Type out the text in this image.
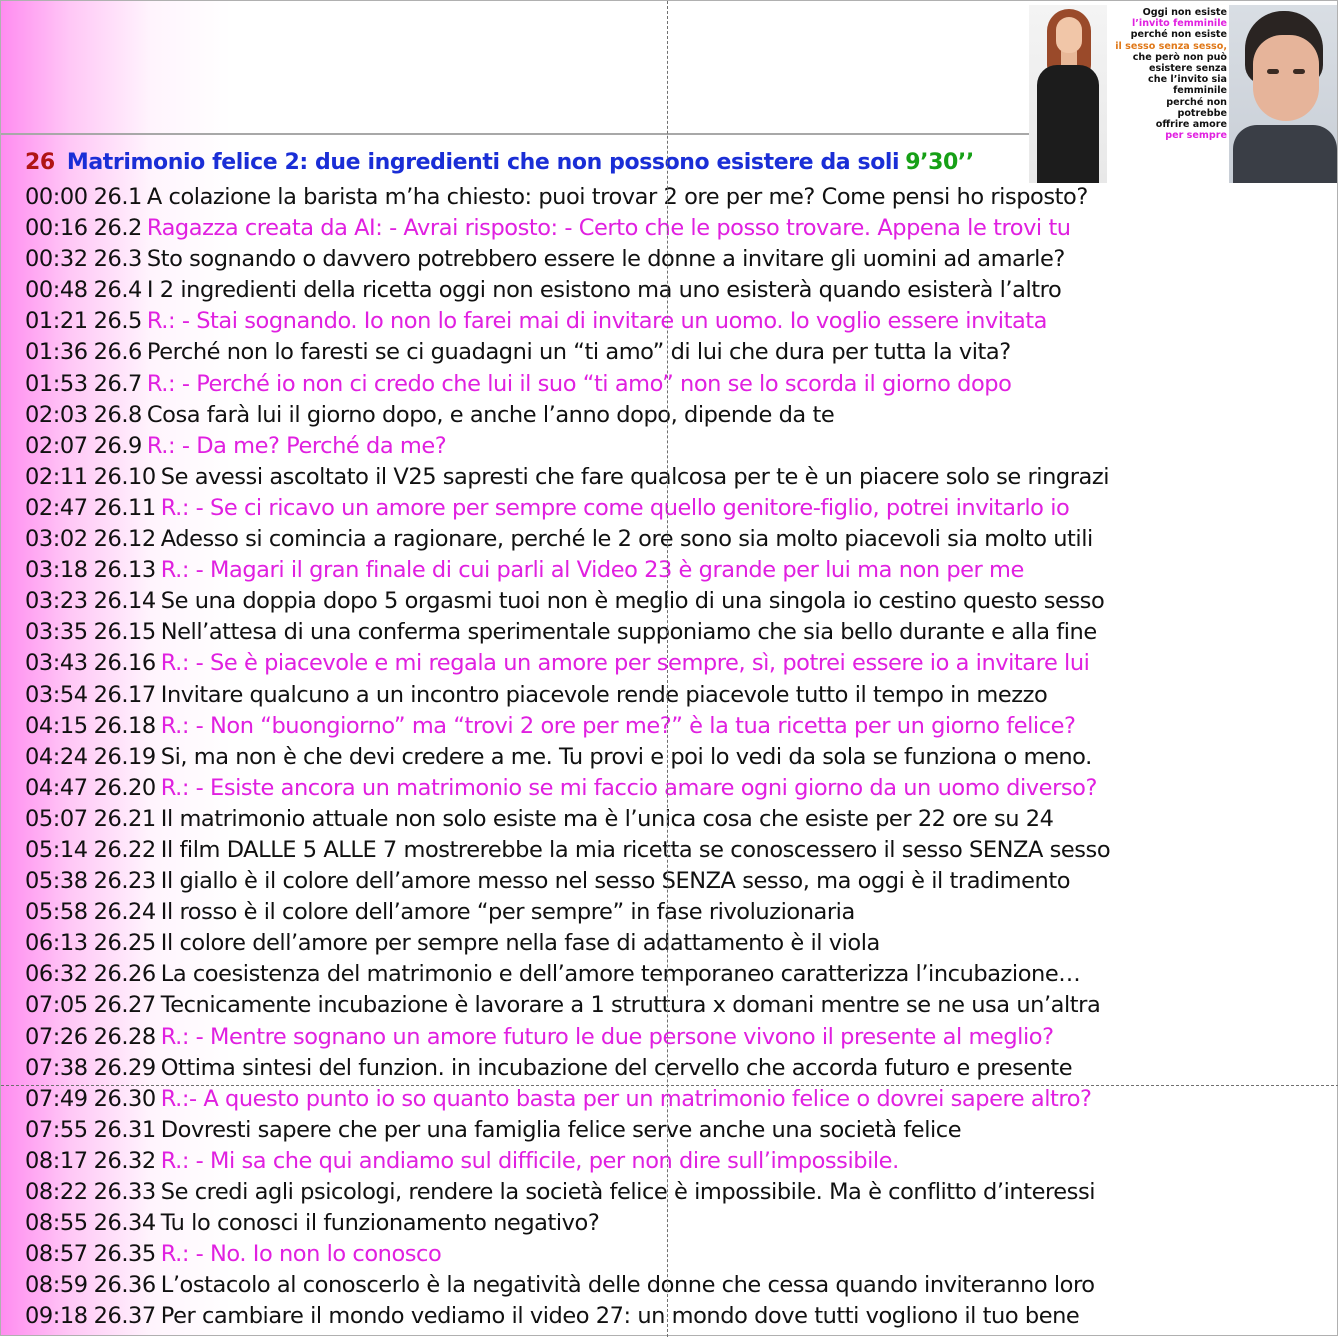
26 Matrimonio felice 2: due ingredienti che non possono esistere da soli 9’30’’
00:00 26.1 A colazione la barista m’ha chiesto: puoi trovar 2 ore per me? Come pensi ho risposto?
00:16 26.2 Ragazza creata da AI: - Avrai risposto: - Certo che le posso trovare. Appena le trovi tu
00:32 26.3 Sto sognando o davvero potrebbero essere le donne a invitare gli uomini ad amarle?
00:48 26.4 I 2 ingredienti della ricetta oggi non esistono ma uno esisterà quando esisterà l’altro
01:21 26.5 R.: - Stai sognando. Io non lo farei mai di invitare un uomo. Io voglio essere invitata
01:36 26.6 Perché non lo faresti se ci guadagni un “ti amo” di lui che dura per tutta la vita?
01:53 26.7 R.: - Perché io non ci credo che lui il suo “ti amo” non se lo scorda il giorno dopo
02:03 26.8 Cosa farà lui il giorno dopo, e anche l’anno dopo, dipende da te
02:07 26.9 R.: - Da me? Perché da me?
02:11 26.10 Se avessi ascoltato il V25 sapresti che fare qualcosa per te è un piacere solo se ringrazi
02:47 26.11 R.: - Se ci ricavo un amore per sempre come quello genitore-figlio, potrei invitarlo io
03:02 26.12 Adesso si comincia a ragionare, perché le 2 ore sono sia molto piacevoli sia molto utili
03:18 26.13 R.: - Magari il gran finale di cui parli al Video 23 è grande per lui ma non per me
03:23 26.14 Se una doppia dopo 5 orgasmi tuoi non è meglio di una singola io cestino questo sesso
03:35 26.15 Nell’attesa di una conferma sperimentale supponiamo che sia bello durante e alla fine
03:43 26.16 R.: - Se è piacevole e mi regala un amore per sempre, sì, potrei essere io a invitare lui
03:54 26.17 Invitare qualcuno a un incontro piacevole rende piacevole tutto il tempo in mezzo
04:15 26.18 R.: - Non “buongiorno” ma “trovi 2 ore per me?” è la tua ricetta per un giorno felice?
04:24 26.19 Si, ma non è che devi credere a me. Tu provi e poi lo vedi da sola se funziona o meno.
04:47 26.20 R.: - Esiste ancora un matrimonio se mi faccio amare ogni giorno da un uomo diverso?
05:07 26.21 Il matrimonio attuale non solo esiste ma è l’unica cosa che esiste per 22 ore su 24
05:14 26.22 Il film DALLE 5 ALLE 7 mostrerebbe la mia ricetta se conoscessero il sesso SENZA sesso
05:38 26.23 Il giallo è il colore dell’amore messo nel sesso SENZA sesso, ma oggi è il tradimento
05:58 26.24 Il rosso è il colore dell’amore “per sempre” in fase rivoluzionaria
06:13 26.25 Il colore dell’amore per sempre nella fase di adattamento è il viola
06:32 26.26 La coesistenza del matrimonio e dell’amore temporaneo caratterizza l’incubazione…
07:05 26.27 Tecnicamente incubazione è lavorare a 1 struttura x domani mentre se ne usa un’altra
07:26 26.28 R.: - Mentre sognano un amore futuro le due persone vivono il presente al meglio?
07:38 26.29 Ottima sintesi del funzion. in incubazione del cervello che accorda futuro e presente
07:49 26.30 R.:- A questo punto io so quanto basta per un matrimonio felice o dovrei sapere altro?
07:55 26.31 Dovresti sapere che per una famiglia felice serve anche una società felice
08:17 26.32 R.: - Mi sa che qui andiamo sul difficile, per non dire sull’impossibile.
08:22 26.33 Se credi agli psicologi, rendere la società felice è impossibile. Ma è conflitto d’interessi
08:55 26.34 Tu lo conosci il funzionamento negativo?
08:57 26.35 R.: - No. Io non lo conosco
08:59 26.36 L’ostacolo al conoscerlo è la negatività delle donne che cessa quando inviteranno loro
09:18 26.37 Per cambiare il mondo vediamo il video 27: un mondo dove tutti vogliono il tuo bene
Oggi non esiste
l’invito femminile
perché non esiste
il sesso senza sesso,
che però non può
esistere senza
che l’invito sia
femminile
perché non
potrebbe
offrire amore
per sempre
